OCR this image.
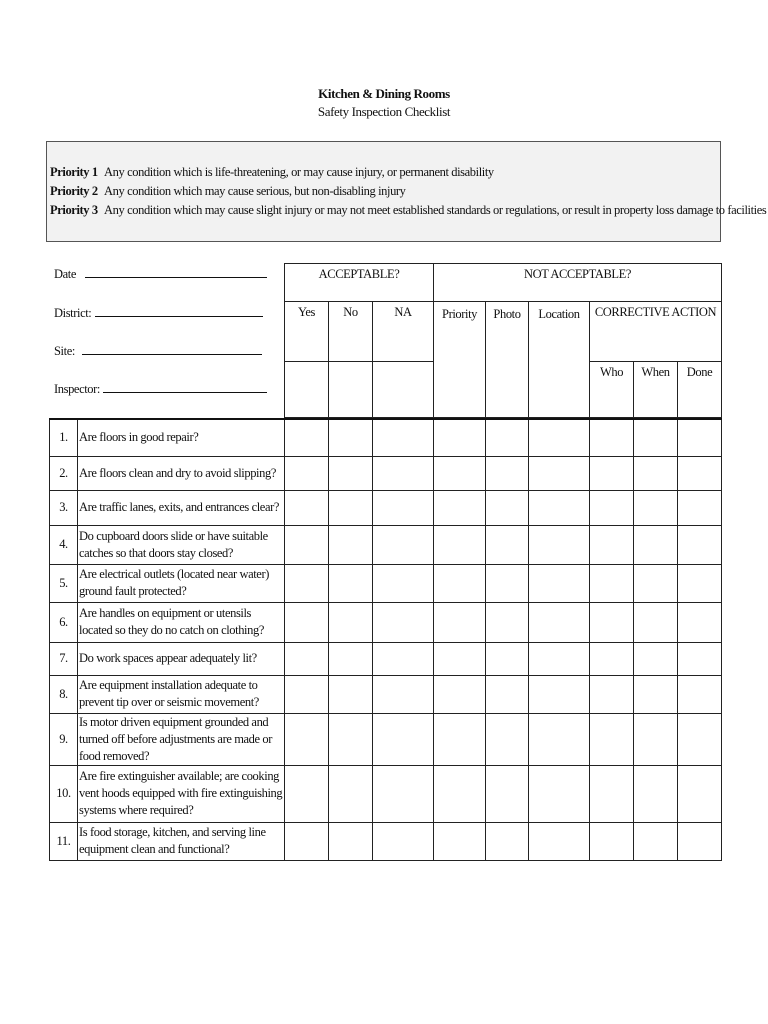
Kitchen & Dining Rooms
Safety Inspection Checklist
Priority 1 Any condition which is life-threatening, or may cause injury, or permanent disability
Priority 2 Any condition which may cause serious, but non-disabling injury
Priority 3 Any condition which may cause slight injury or may not meet established standards or regulations, or result in property loss damage to facilities
Date
District:
Site:
Inspector:
ACCEPTABLE?			NOT ACCEPTABLE?					
Yes	No	NA	Priority	Photo	Location	CORRECTIVE ACTION		
						Who	When	Done
1.	Are floors in good repair?									
2.	Are floors clean and dry to avoid slipping?									
3.	Are traffic lanes, exits, and entrances clear?									
4.	Do cupboard doors slide or have suitable catches so that doors stay closed?									
5.	Are electrical outlets (located near water) ground fault protected?									
6.	Are handles on equipment or utensils located so they do no catch on clothing?									
7.	Do work spaces appear adequately lit?									
8.	Are equipment installation adequate to prevent tip over or seismic movement?									
9.	Is motor driven equipment grounded and turned off before adjustments are made or food removed?									
10.	Are fire extinguisher available; are cooking vent hoods equipped with fire extinguishing systems where required?									
11.	Is food storage, kitchen, and serving line equipment clean and functional?									
